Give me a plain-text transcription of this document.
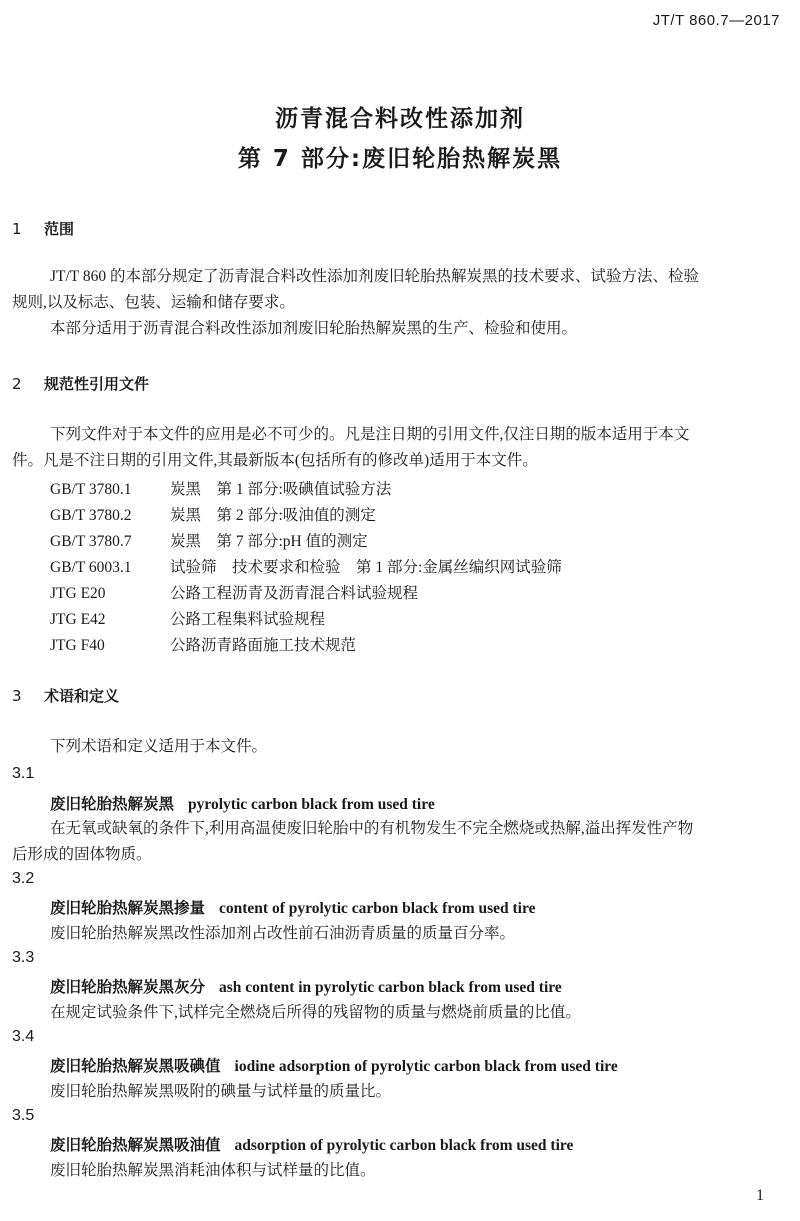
JT/T 860.7—2017
沥青混合料改性添加剂
第 7 部分:废旧轮胎热解炭黑
1 范围
JT/T 860 的本部分规定了沥青混合料改性添加剂废旧轮胎热解炭黑的技术要求、试验方法、检验
规则,以及标志、包装、运输和储存要求。
本部分适用于沥青混合料改性添加剂废旧轮胎热解炭黑的生产、检验和使用。
2 规范性引用文件
下列文件对于本文件的应用是必不可少的。凡是注日期的引用文件,仅注日期的版本适用于本文
件。凡是不注日期的引用文件,其最新版本(包括所有的修改单)适用于本文件。
GB/T 3780.1 炭黑　第 1 部分:吸碘值试验方法
GB/T 3780.2 炭黑　第 2 部分:吸油值的测定
GB/T 3780.7 炭黑　第 7 部分:pH 值的测定
GB/T 6003.1 试验筛　技术要求和检验　第 1 部分:金属丝编织网试验筛
JTG E20	公路工程沥青及沥青混合料试验规程
JTG E42	公路工程集料试验规程
JTG F40	公路沥青路面施工技术规范
3 术语和定义
下列术语和定义适用于本文件。
3.1
废旧轮胎热解炭黑 pyrolytic carbon black from used tire
在无氧或缺氧的条件下,利用高温使废旧轮胎中的有机物发生不完全燃烧或热解,溢出挥发性产物
后形成的固体物质。
3.2
废旧轮胎热解炭黑掺量 content of pyrolytic carbon black from used tire
废旧轮胎热解炭黑改性添加剂占改性前石油沥青质量的质量百分率。
3.3
废旧轮胎热解炭黑灰分 ash content in pyrolytic carbon black from used tire
在规定试验条件下,试样完全燃烧后所得的残留物的质量与燃烧前质量的比值。
3.4
废旧轮胎热解炭黑吸碘值 iodine adsorption of pyrolytic carbon black from used tire
废旧轮胎热解炭黑吸附的碘量与试样量的质量比。
3.5
废旧轮胎热解炭黑吸油值 adsorption of pyrolytic carbon black from used tire
废旧轮胎热解炭黑消耗油体积与试样量的比值。
1
